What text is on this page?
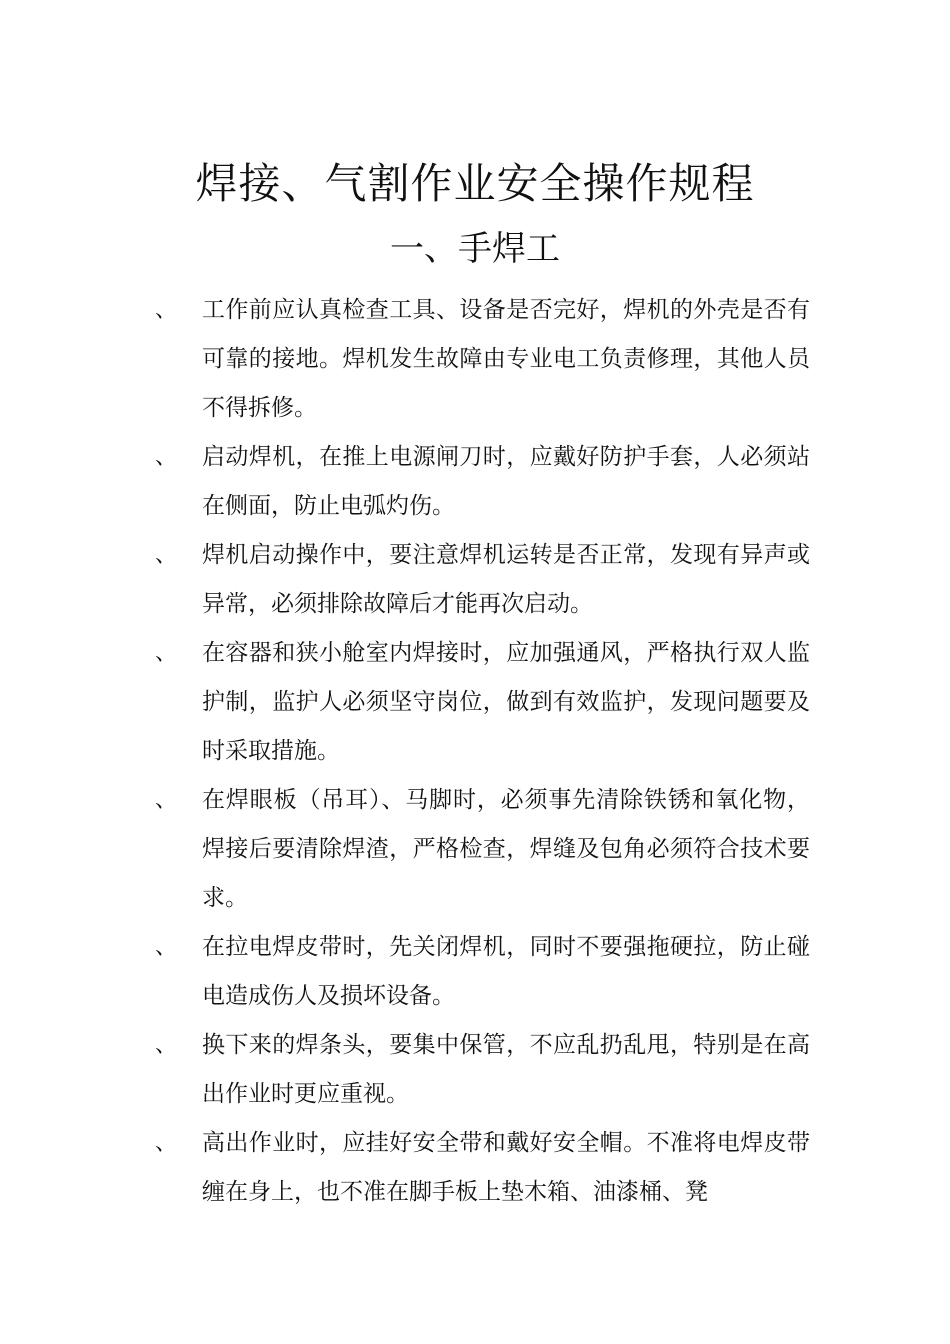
焊接、气割作业安全操作规程
一、手焊工
、 工作前应认真检查工具、设备是否完好，焊机的外壳是否有可靠的接地。焊机发生故障由专业电工负责修理，其他人员不得拆修。
、 启动焊机，在推上电源闸刀时，应戴好防护手套，人必须站在侧面，防止电弧灼伤。
、 焊机启动操作中，要注意焊机运转是否正常，发现有异声或异常，必须排除故障后才能再次启动。
、 在容器和狭小舱室内焊接时，应加强通风，严格执行双人监护制，监护人必须坚守岗位，做到有效监护，发现问题要及时采取措施。
、 在焊眼板（吊耳）、马脚时，必须事先清除铁锈和氧化物，焊接后要清除焊渣，严格检查，焊缝及包角必须符合技术要求。
、 在拉电焊皮带时，先关闭焊机，同时不要强拖硬拉，防止碰电造成伤人及损坏设备。
、 换下来的焊条头，要集中保管，不应乱扔乱甩，特别是在高出作业时更应重视。
、 高出作业时，应挂好安全带和戴好安全帽。不准将电焊皮带缠在身上，也不准在脚手板上垫木箱、油漆桶、凳
